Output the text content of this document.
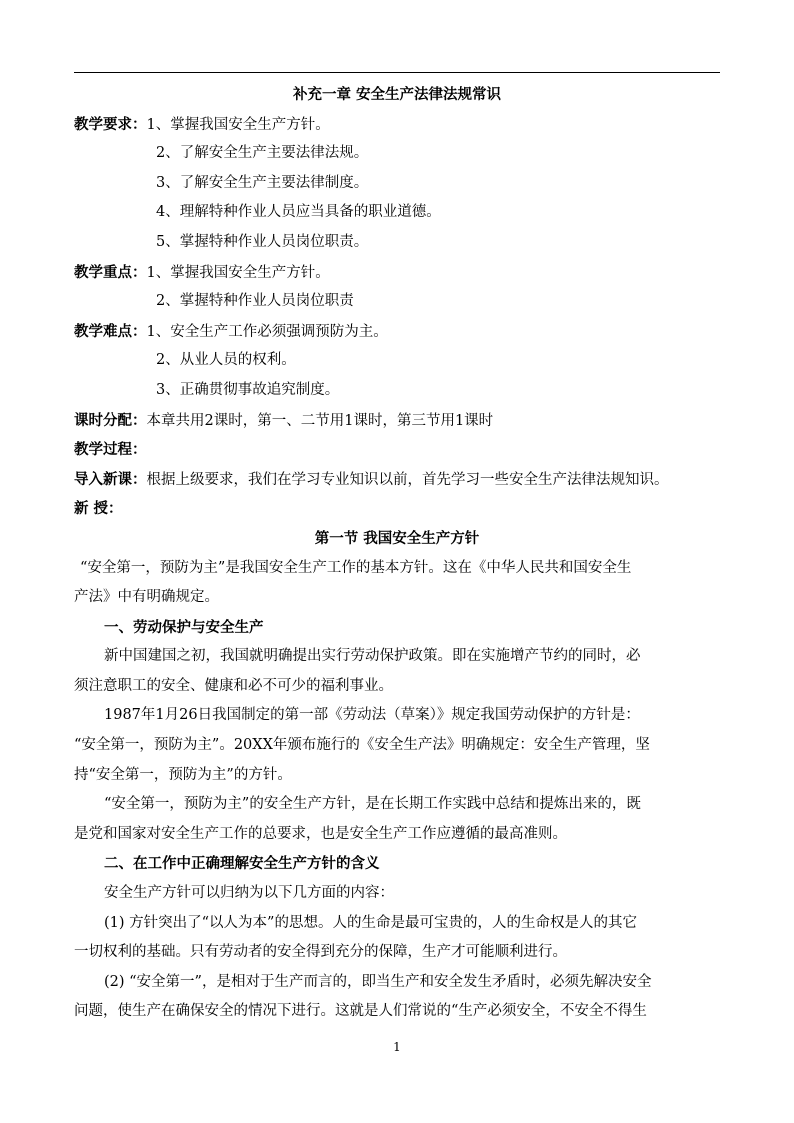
补充一章 安全生产法律法规常识
教学要求：1、掌握我国安全生产方针。
2、了解安全生产主要法律法规。
3、了解安全生产主要法律制度。
4、理解特种作业人员应当具备的职业道德。
5、掌握特种作业人员岗位职责。
教学重点：1、掌握我国安全生产方针。
2、掌握特种作业人员岗位职责
教学难点：1、安全生产工作必须强调预防为主。
2、从业人员的权利。
3、正确贯彻事故追究制度。
课时分配：本章共用2课时，第一、二节用1课时，第三节用1课时
教学过程：
导入新课：根据上级要求，我们在学习专业知识以前，首先学习一些安全生产法律法规知识。
新 授：
第一节 我国安全生产方针
“安全第一，预防为主”是我国安全生产工作的基本方针。这在《中华人民共和国安全生
产法》中有明确规定。
一、劳动保护与安全生产
新中国建国之初，我国就明确提出实行劳动保护政策。即在实施增产节约的同时，必
须注意职工的安全、健康和必不可少的福利事业。
1987年1月26日我国制定的第一部《劳动法（草案）》规定我国劳动保护的方针是：
“安全第一，预防为主”。20XX年颁布施行的《安全生产法》明确规定：安全生产管理，坚
持“安全第一，预防为主”的方针。
“安全第一，预防为主”的安全生产方针，是在长期工作实践中总结和提炼出来的，既
是党和国家对安全生产工作的总要求，也是安全生产工作应遵循的最高准则。
二、在工作中正确理解安全生产方针的含义
安全生产方针可以归纳为以下几方面的内容：
(1) 方针突出了“以人为本”的思想。人的生命是最可宝贵的，人的生命权是人的其它
一切权利的基础。只有劳动者的安全得到充分的保障，生产才可能顺利进行。
(2) “安全第一”，是相对于生产而言的，即当生产和安全发生矛盾时，必须先解决安全
问题，使生产在确保安全的情况下进行。这就是人们常说的“生产必须安全，不安全不得生
1
